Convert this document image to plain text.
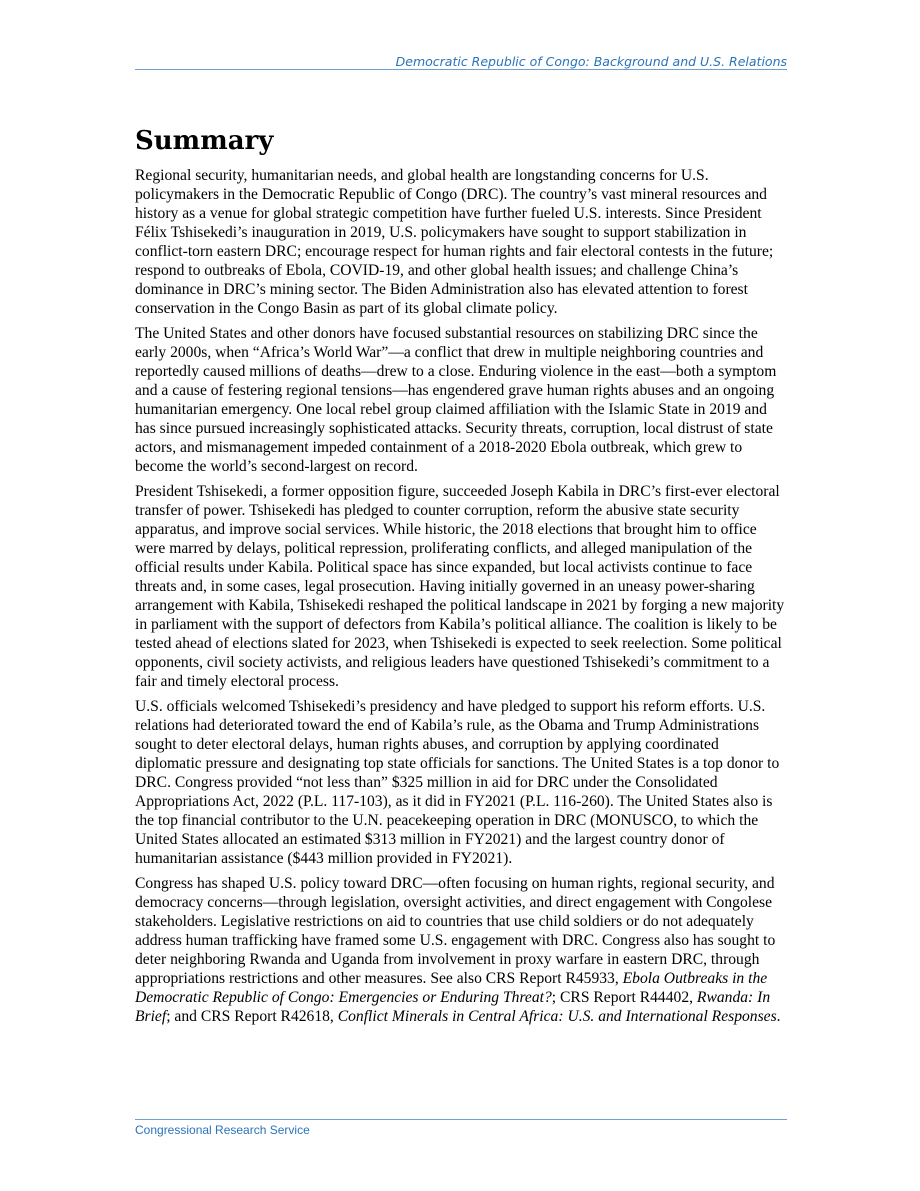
Democratic Republic of Congo: Background and U.S. Relations
Summary

Regional security, humanitarian needs, and global health are longstanding concerns for U.S. policymakers in the Democratic Republic of Congo (DRC). The country’s vast mineral resources and history as a venue for global strategic competition have further fueled U.S. interests. Since President Félix Tshisekedi’s inauguration in 2019, U.S. policymakers have sought to support stabilization in conflict-torn eastern DRC; encourage respect for human rights and fair electoral contests in the future; respond to outbreaks of Ebola, COVID-19, and other global health issues; and challenge China’s dominance in DRC’s mining sector. The Biden Administration also has elevated attention to forest conservation in the Congo Basin as part of its global climate policy.

The United States and other donors have focused substantial resources on stabilizing DRC since the early 2000s, when “Africa’s World War”—a conflict that drew in multiple neighboring countries and reportedly caused millions of deaths—drew to a close. Enduring violence in the east—both a symptom and a cause of festering regional tensions—has engendered grave human rights abuses and an ongoing humanitarian emergency. One local rebel group claimed affiliation with the Islamic State in 2019 and has since pursued increasingly sophisticated attacks. Security threats, corruption, local distrust of state actors, and mismanagement impeded containment of a 2018-2020 Ebola outbreak, which grew to become the world’s second-largest on record.

President Tshisekedi, a former opposition figure, succeeded Joseph Kabila in DRC’s first-ever electoral transfer of power. Tshisekedi has pledged to counter corruption, reform the abusive state security apparatus, and improve social services. While historic, the 2018 elections that brought him to office were marred by delays, political repression, proliferating conflicts, and alleged manipulation of the official results under Kabila. Political space has since expanded, but local activists continue to face threats and, in some cases, legal prosecution. Having initially governed in an uneasy power-sharing arrangement with Kabila, Tshisekedi reshaped the political landscape in 2021 by forging a new majority in parliament with the support of defectors from Kabila’s political alliance. The coalition is likely to be tested ahead of elections slated for 2023, when Tshisekedi is expected to seek reelection. Some political opponents, civil society activists, and religious leaders have questioned Tshisekedi’s commitment to a fair and timely electoral process.

U.S. officials welcomed Tshisekedi’s presidency and have pledged to support his reform efforts. U.S. relations had deteriorated toward the end of Kabila’s rule, as the Obama and Trump Administrations sought to deter electoral delays, human rights abuses, and corruption by applying coordinated diplomatic pressure and designating top state officials for sanctions. The United States is a top donor to DRC. Congress provided “not less than” $325 million in aid for DRC under the Consolidated Appropriations Act, 2022 (P.L. 117-103), as it did in FY2021 (P.L. 116-260). The United States also is the top financial contributor to the U.N. peacekeeping operation in DRC (MONUSCO, to which the United States allocated an estimated $313 million in FY2021) and the largest country donor of humanitarian assistance ($443 million provided in FY2021).

Congress has shaped U.S. policy toward DRC—often focusing on human rights, regional security, and democracy concerns—through legislation, oversight activities, and direct engagement with Congolese stakeholders. Legislative restrictions on aid to countries that use child soldiers or do not adequately address human trafficking have framed some U.S. engagement with DRC. Congress also has sought to deter neighboring Rwanda and Uganda from involvement in proxy warfare in eastern DRC, through appropriations restrictions and other measures. See also CRS Report R45933, Ebola Outbreaks in the Democratic Republic of Congo: Emergencies or Enduring Threat?; CRS Report R44402, Rwanda: In Brief; and CRS Report R42618, Conflict Minerals in Central Africa: U.S. and International Responses.

Congressional Research Service
